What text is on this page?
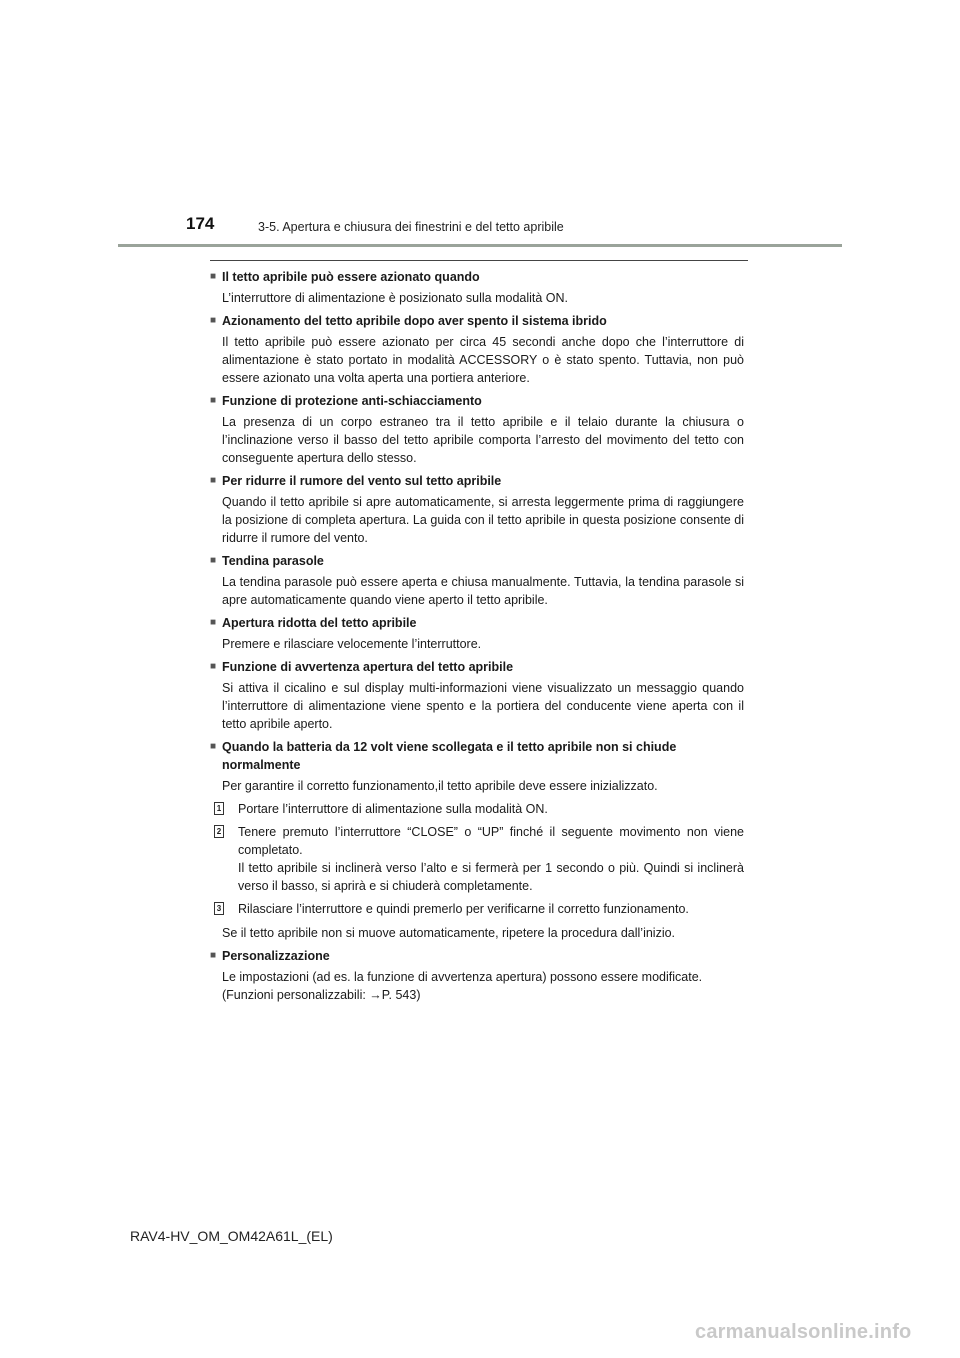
174	3-5. Apertura e chiusura dei finestrini e del tetto apribile
■ Il tetto apribile può essere azionato quando

L’interruttore di alimentazione è posizionato sulla modalità ON.

■ Azionamento del tetto apribile dopo aver spento il sistema ibrido

Il tetto apribile può essere azionato per circa 45 secondi anche dopo che l’interruttore di alimentazione è stato portato in modalità ACCESSORY o è stato spento. Tuttavia, non può essere azionato una volta aperta una portiera anteriore.

■ Funzione di protezione anti-schiacciamento

La presenza di un corpo estraneo tra il tetto apribile e il telaio durante la chiusura o l’inclinazione verso il basso del tetto apribile comporta l’arresto del movimento del tetto con conseguente apertura dello stesso.

■ Per ridurre il rumore del vento sul tetto apribile

Quando il tetto apribile si apre automaticamente, si arresta leggermente prima di raggiungere la posizione di completa apertura. La guida con il tetto apribile in questa posizione consente di ridurre il rumore del vento.

■ Tendina parasole

La tendina parasole può essere aperta e chiusa manualmente. Tuttavia, la tendina parasole si apre automaticamente quando viene aperto il tetto apribile.

■ Apertura ridotta del tetto apribile

Premere e rilasciare velocemente l’interruttore.

■ Funzione di avvertenza apertura del tetto apribile

Si attiva il cicalino e sul display multi-informazioni viene visualizzato un messaggio quando l’interruttore di alimentazione viene spento e la portiera del conducente viene aperta con il tetto apribile aperto.

■ Quando la batteria da 12 volt viene scollegata e il tetto apribile non si chiude normalmente

Per garantire il corretto funzionamento,il tetto apribile deve essere inizializzato.

1 Portare l’interruttore di alimentazione sulla modalità ON.

2 Tenere premuto l’interruttore “CLOSE” o “UP” finché il seguente movimento non viene completato.

Il tetto apribile si inclinerà verso l’alto e si fermerà per 1 secondo o più. Quindi si inclinerà verso il basso, si aprirà e si chiuderà completamente.

3 Rilasciare l’interruttore e quindi premerlo per verificarne il corretto funzionamento.

Se il tetto apribile non si muove automaticamente, ripetere la procedura dall’inizio.
■ Personalizzazione

Le impostazioni (ad es. la funzione di avvertenza apertura) possono essere modificate.

(Funzioni personalizzabili: →P. 543)

RAV4-HV_OM_OM42A61L_(EL)
carmanualsonline.info
